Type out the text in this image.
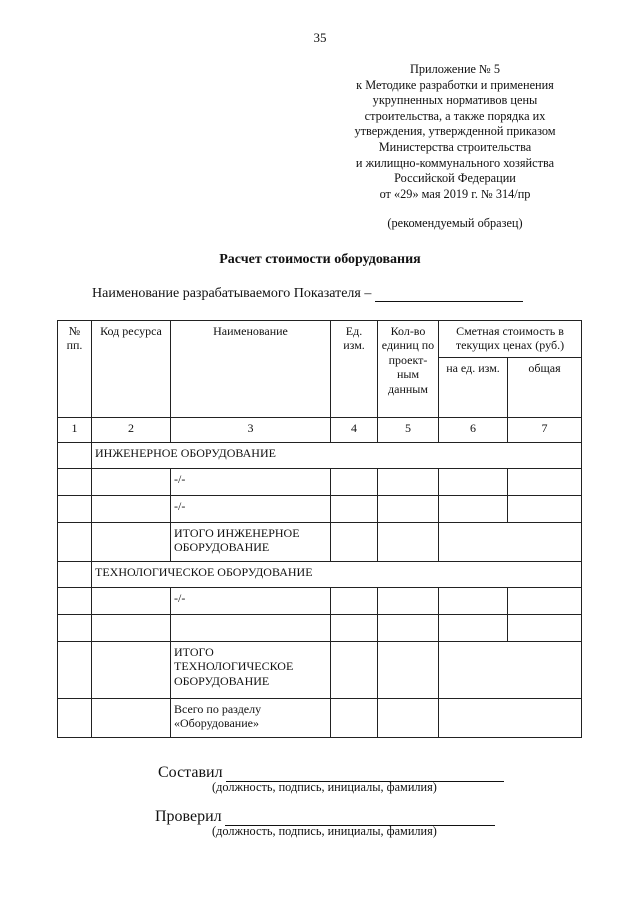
35
Приложение № 5
к Методике разработки и применения
укрупненных нормативов цены
строительства, а также порядка их
утверждения, утвержденной приказом
Министерства строительства
и жилищно-коммунального хозяйства
Российской Федерации
от «29» мая 2019 г. № 314/пр
(рекомендуемый образец)
Расчет стоимости оборудования
Наименование разрабатываемого Показателя –
№ пп.	Код ресурса	Наименование	Ед. изм.	Кол-во единиц по проект-ным данным	Сметная стоимость в текущих ценах (руб.)	
					на ед. изм.	общая
1	2	3	4	5	6	7
	ИНЖЕНЕРНОЕ ОБОРУДОВАНИЕ					
		-/-				
		-/-				
		ИТОГО ИНЖЕНЕРНОЕ ОБОРУДОВАНИЕ				
	ТЕХНОЛОГИЧЕСКОЕ ОБОРУДОВАНИЕ					
		-/-				

		ИТОГО ТЕХНОЛОГИЧЕСКОЕ ОБОРУДОВАНИЕ				
		Всего по разделу «Оборудование»				
Составил
(должность, подпись, инициалы, фамилия)
Проверил
(должность, подпись, инициалы, фамилия)
